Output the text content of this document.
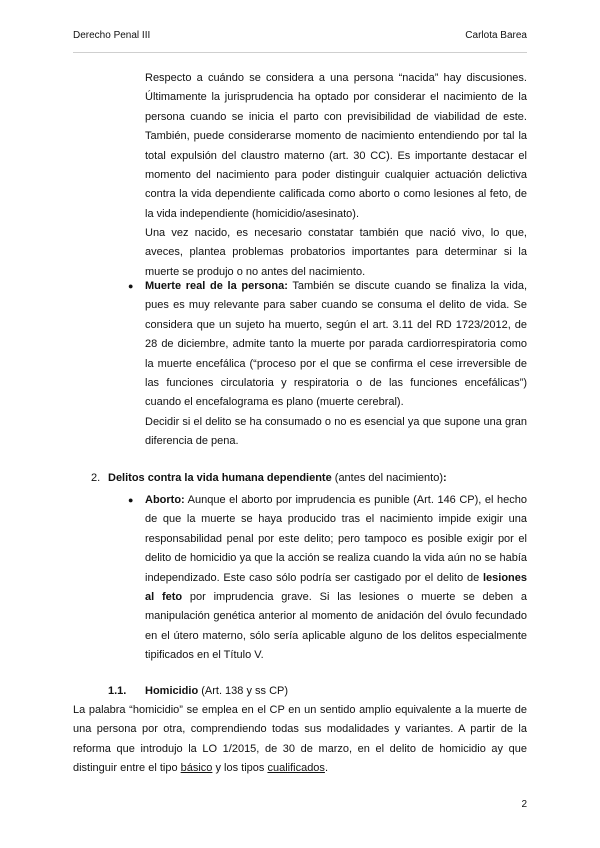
Derecho Penal III	Carlota Barea

Respecto a cuándo se considera a una persona “nacida” hay discusiones. Últimamente la jurisprudencia ha optado por considerar el nacimiento de la persona cuando se inicia el parto con previsibilidad de viabilidad de este. También, puede considerarse momento de nacimiento entendiendo por tal la total expulsión del claustro materno (art. 30 CC). Es importante destacar el momento del nacimiento para poder distinguir cualquier actuación delictiva contra la vida dependiente calificada como aborto o como lesiones al feto, de la vida independiente (homicidio/asesinato).

Una vez nacido, es necesario constatar también que nació vivo, lo que, aveces, plantea problemas probatorios importantes para determinar si la muerte se produjo o no antes del nacimiento.

● Muerte real de la persona: También se discute cuando se finaliza la vida, pues es muy relevante para saber cuando se consuma el delito de vida. Se considera que un sujeto ha muerto, según el art. 3.11 del RD 1723/2012, de 28 de diciembre, admite tanto la muerte por parada cardiorrespiratoria como la muerte encefálica (“proceso por el que se confirma el cese irreversible de las funciones circulatoria y respiratoria o de las funciones encefálicas”) cuando el encefalograma es plano (muerte cerebral).

Decidir si el delito se ha consumado o no es esencial ya que supone una gran diferencia de pena.

2. Delitos contra la vida humana dependiente (antes del nacimiento):

● Aborto: Aunque el aborto por imprudencia es punible (Art. 146 CP), el hecho de que la muerte se haya producido tras el nacimiento impide exigir una responsabilidad penal por este delito; pero tampoco es posible exigir por el delito de homicidio ya que la acción se realiza cuando la vida aún no se había independizado. Este caso sólo podría ser castigado por el delito de lesiones al feto por imprudencia grave. Si las lesiones o muerte se deben a manipulación genética anterior al momento de anidación del óvulo fecundado en el útero materno, sólo sería aplicable alguno de los delitos especialmente tipificados en el Título V.

1.1. Homicidio (Art. 138 y ss CP)

La palabra “homicidio” se emplea en el CP en un sentido amplio equivalente a la muerte de una persona por otra, comprendiendo todas sus modalidades y variantes. A partir de la reforma que introdujo la LO 1/2015, de 30 de marzo, en el delito de homicidio ay que distinguir entre el tipo básico y los tipos cualificados.

2
